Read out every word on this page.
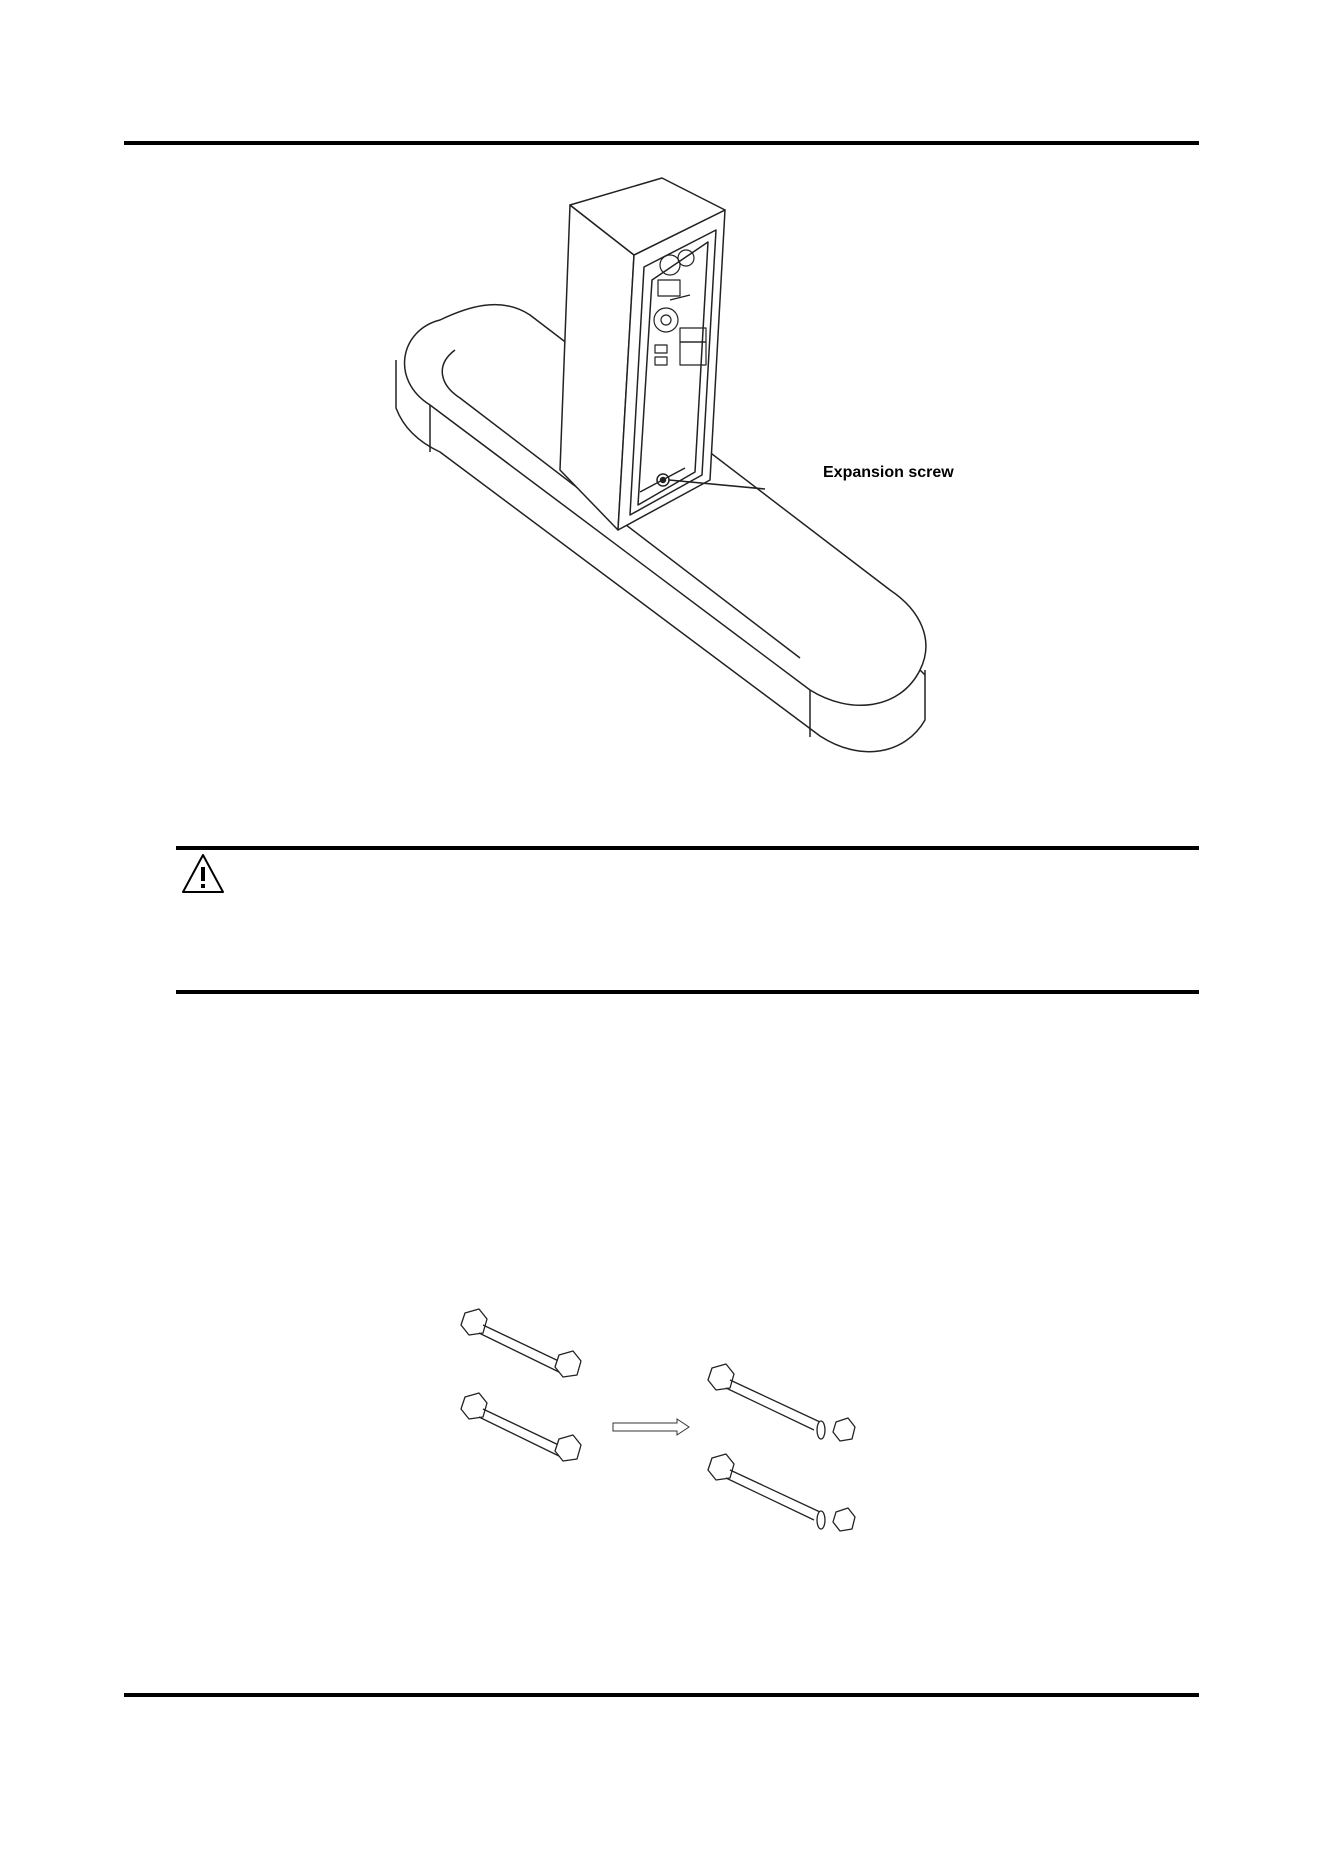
Expansion screw
